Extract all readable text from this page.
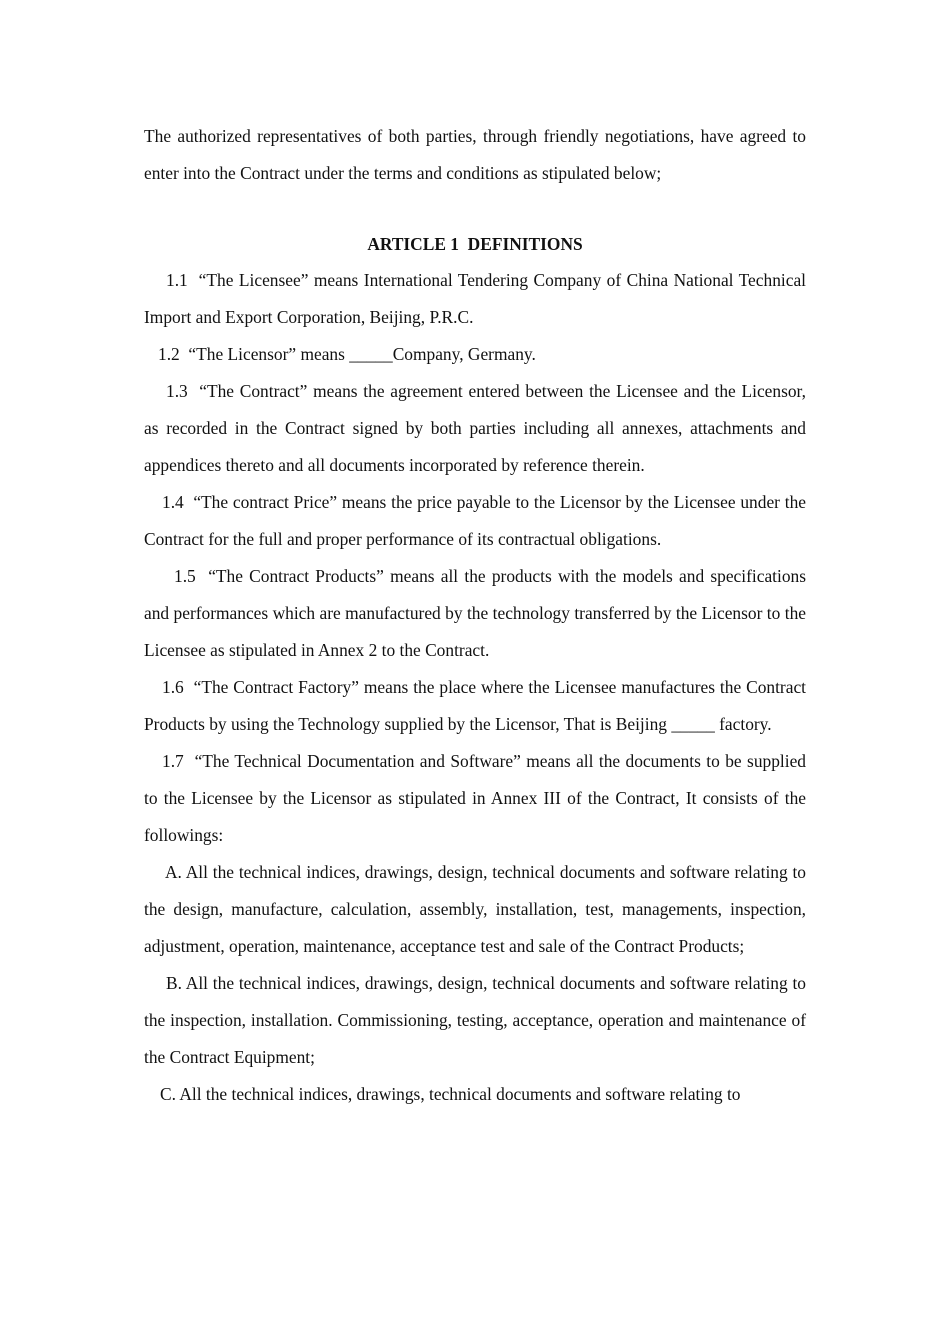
The authorized representatives of both parties, through friendly negotiations, have agreed to enter into the Contract under the terms and conditions as stipulated below;

ARTICLE 1  DEFINITIONS

1.1  “The Licensee” means International Tendering Company of China National Technical Import and Export Corporation, Beijing, P.R.C.

1.2  “The Licensor” means _____Company, Germany.

1.3  “The Contract” means the agreement entered between the Licensee and the Licensor, as recorded in the Contract signed by both parties including all annexes, attachments and appendices thereto and all documents incorporated by reference therein.

1.4  “The contract Price” means the price payable to the Licensor by the Licensee under the Contract for the full and proper performance of its contractual obligations.

1.5  “The Contract Products” means all the products with the models and specifications and performances which are manufactured by the technology transferred by the Licensor to the Licensee as stipulated in Annex 2 to the Contract.

1.6  “The Contract Factory” means the place where the Licensee manufactures the Contract Products by using the Technology supplied by the Licensor, That is Beijing _____ factory.

1.7  “The Technical Documentation and Software” means all the documents to be supplied to the Licensee by the Licensor as stipulated in Annex III of the Contract, It consists of the followings:

A. All the technical indices, drawings, design, technical documents and software relating to the design, manufacture, calculation, assembly, installation, test, managements, inspection, adjustment, operation, maintenance, acceptance test and sale of the Contract Products;

B. All the technical indices, drawings, design, technical documents and software relating to the inspection, installation. Commissioning, testing, acceptance, operation and maintenance of the Contract Equipment;

C. All the technical indices, drawings, technical documents and software relating to
